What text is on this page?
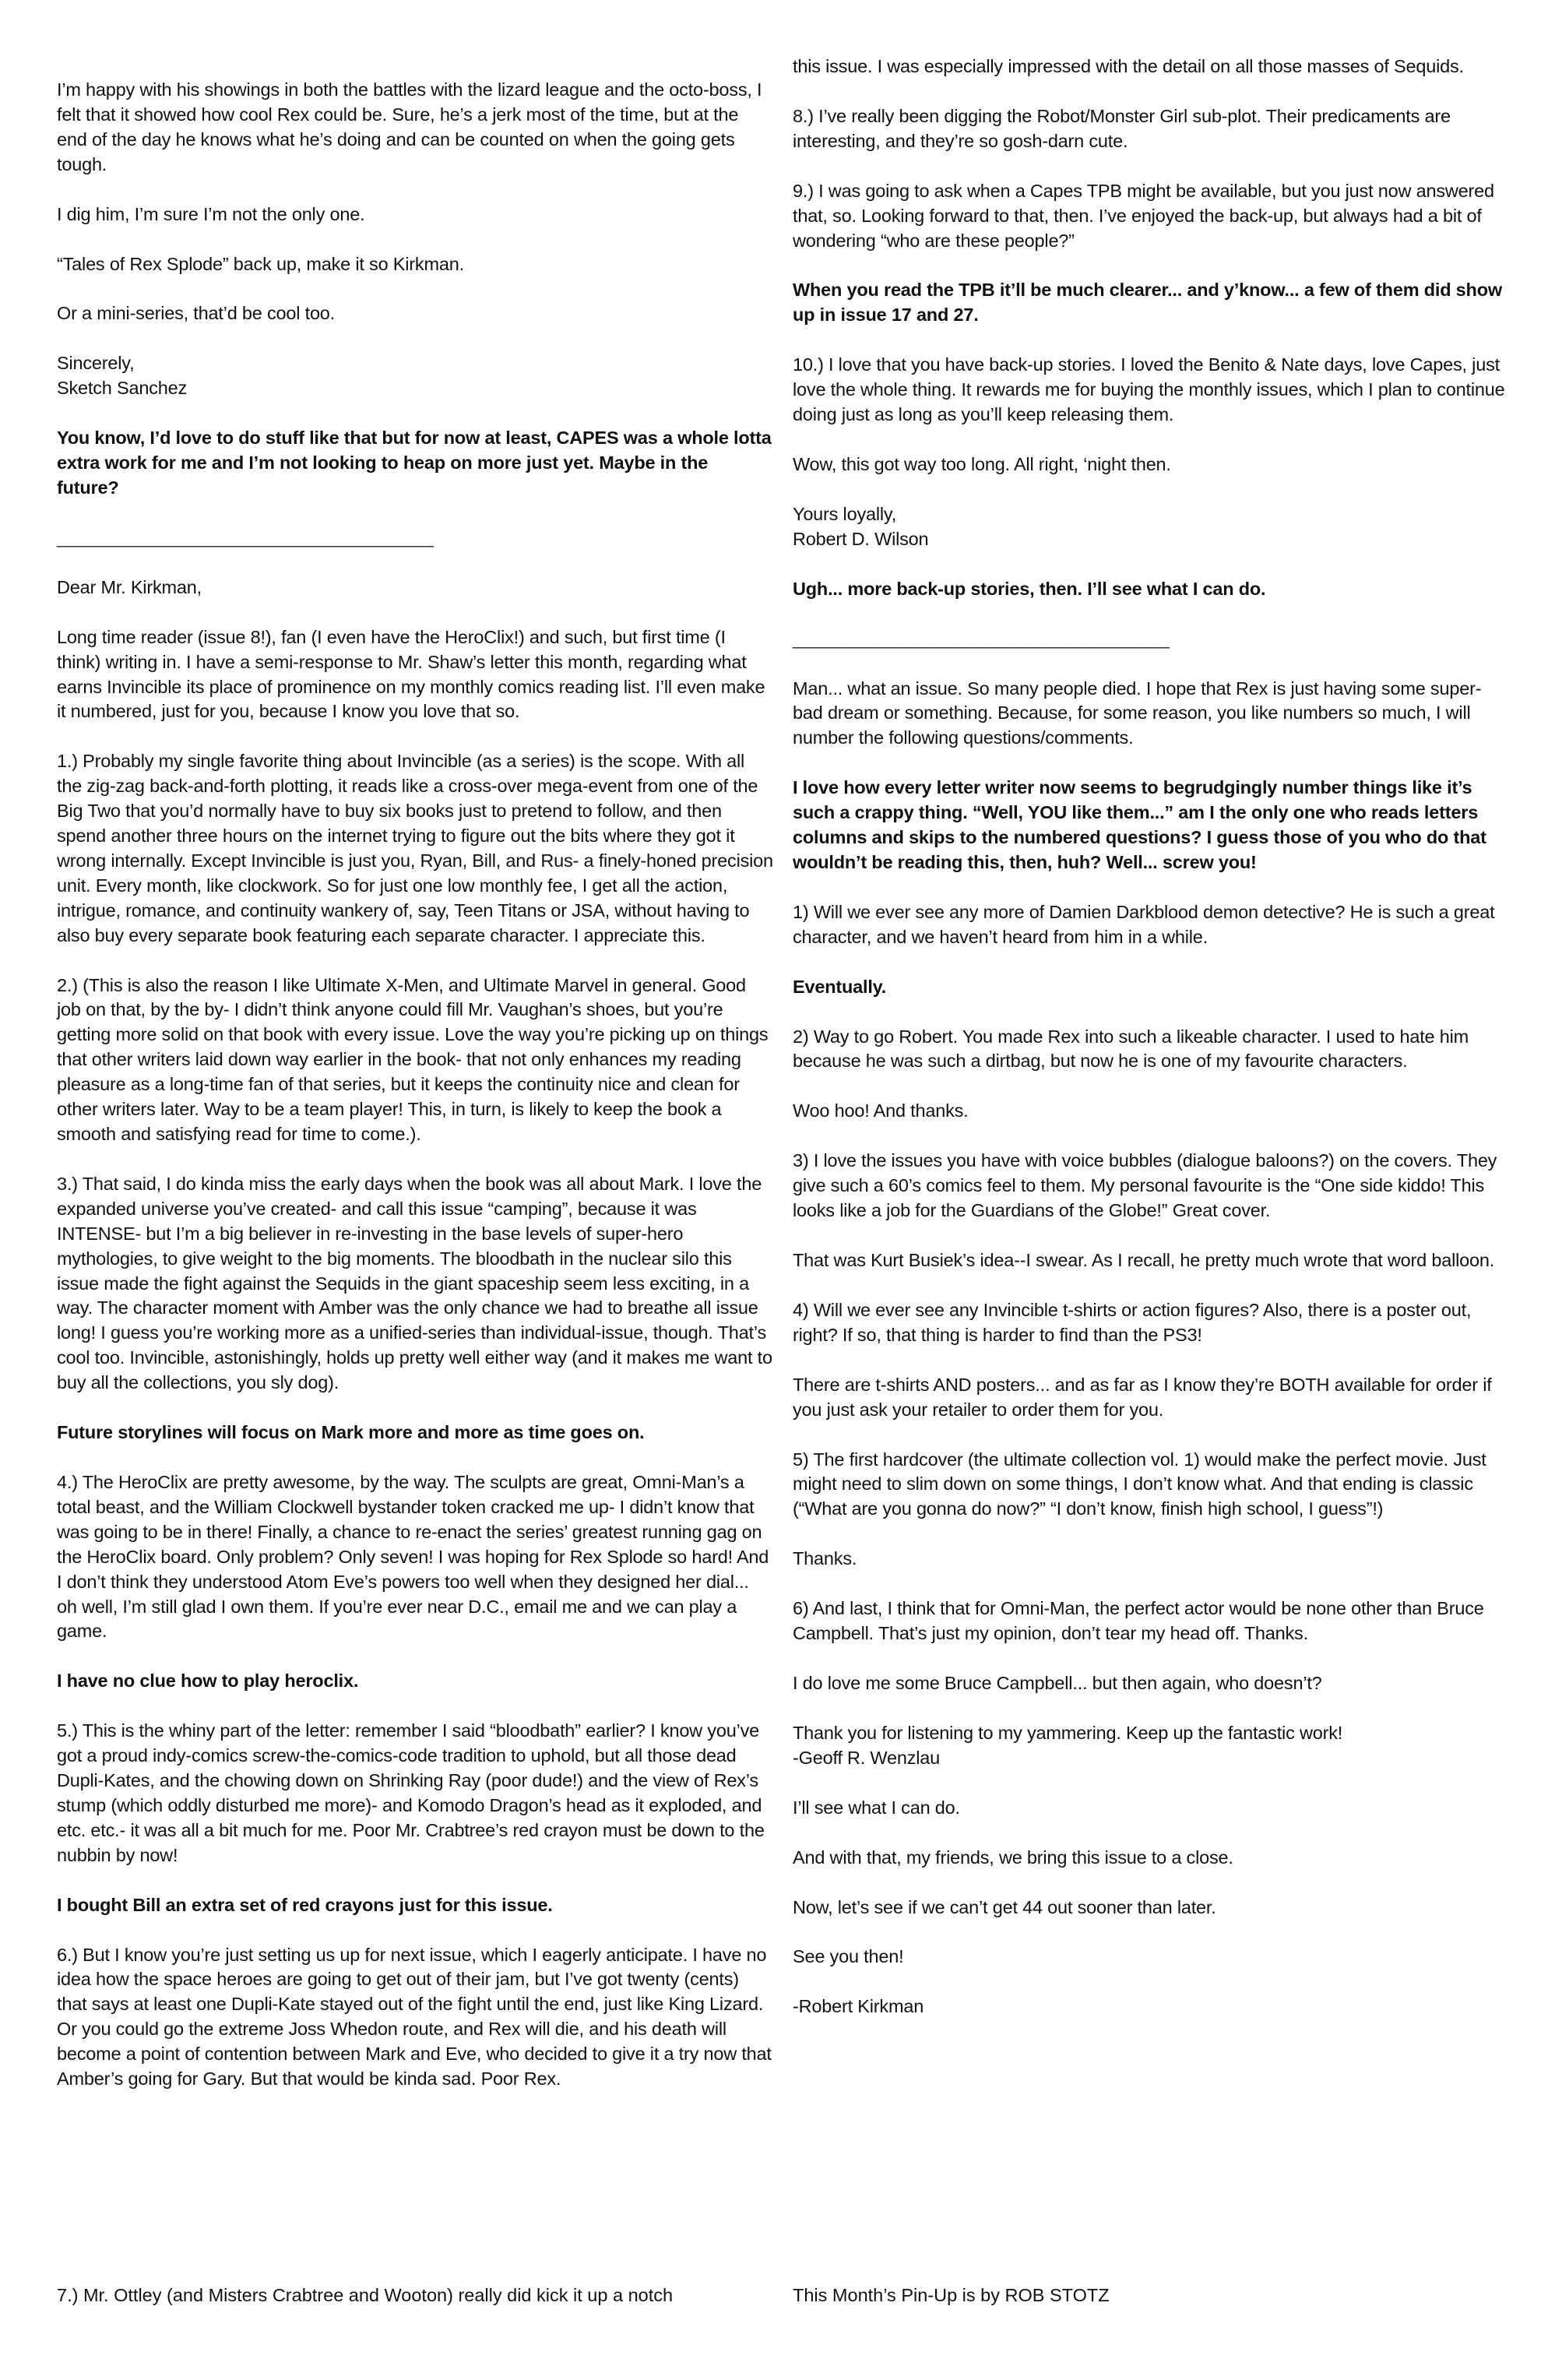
I’m happy with his showings in both the battles with the lizard league and the octo-boss, I felt that it showed how cool Rex could be. Sure, he’s a jerk most of the time, but at the end of the day he knows what he’s doing and can be counted on when the going gets tough.

I dig him, I’m sure I’m not the only one.

“Tales of Rex Splode” back up, make it so Kirkman.

Or a mini-series, that’d be cool too.

Sincerely,
Sketch Sanchez

You know, I’d love to do stuff like that but for now at least, CAPES was a whole lotta extra work for me and I’m not looking to heap on more just yet. Maybe in the future?

________________________________________

Dear Mr. Kirkman,

Long time reader (issue 8!), fan (I even have the HeroClix!) and such, but first time (I think) writing in. I have a semi-response to Mr. Shaw’s letter this month, regarding what earns Invincible its place of prominence on my monthly comics reading list. I’ll even make it numbered, just for you, because I know you love that so.

1.) Probably my single favorite thing about Invincible (as a series) is the scope. With all the zig-zag back-and-forth plotting, it reads like a cross-over mega-event from one of the Big Two that you’d normally have to buy six books just to pretend to follow, and then spend another three hours on the internet trying to figure out the bits where they got it wrong internally. Except Invincible is just you, Ryan, Bill, and Rus- a finely-honed precision unit. Every month, like clockwork. So for just one low monthly fee, I get all the action, intrigue, romance, and continuity wankery of, say, Teen Titans or JSA, without having to also buy every separate book featuring each separate character. I appreciate this.

2.) (This is also the reason I like Ultimate X-Men, and Ultimate Marvel in general. Good job on that, by the by- I didn’t think anyone could fill Mr. Vaughan’s shoes, but you’re getting more solid on that book with every issue. Love the way you’re picking up on things that other writers laid down way earlier in the book- that not only enhances my reading pleasure as a long-time fan of that series, but it keeps the continuity nice and clean for other writers later. Way to be a team player! This, in turn, is likely to keep the book a smooth and satisfying read for time to come.).

3.) That said, I do kinda miss the early days when the book was all about Mark. I love the expanded universe you’ve created- and call this issue “camping”, because it was INTENSE- but I’m a big believer in re-investing in the base levels of super-hero mythologies, to give weight to the big moments. The bloodbath in the nuclear silo this issue made the fight against the Sequids in the giant spaceship seem less exciting, in a way. The character moment with Amber was the only chance we had to breathe all issue long! I guess you’re working more as a unified-series than individual-issue, though. That’s cool too. Invincible, astonishingly, holds up pretty well either way (and it makes me want to buy all the collections, you sly dog).

Future storylines will focus on Mark more and more as time goes on.

4.) The HeroClix are pretty awesome, by the way. The sculpts are great, Omni-Man’s a total beast, and the William Clockwell bystander token cracked me up- I didn’t know that was going to be in there! Finally, a chance to re-enact the series’ greatest running gag on the HeroClix board. Only problem? Only seven! I was hoping for Rex Splode so hard! And I don’t think they understood Atom Eve’s powers too well when they designed her dial... oh well, I’m still glad I own them. If you’re ever near D.C., email me and we can play a game.

I have no clue how to play heroclix.

5.) This is the whiny part of the letter: remember I said “bloodbath” earlier? I know you’ve got a proud indy-comics screw-the-comics-code tradition to uphold, but all those dead Dupli-Kates, and the chowing down on Shrinking Ray (poor dude!) and the view of Rex’s stump (which oddly disturbed me more)- and Komodo Dragon’s head as it exploded, and etc. etc.- it was all a bit much for me. Poor Mr. Crabtree’s red crayon must be down to the nubbin by now!

I bought Bill an extra set of red crayons just for this issue.

6.) But I know you’re just setting us up for next issue, which I eagerly anticipate. I have no idea how the space heroes are going to get out of their jam, but I’ve got twenty (cents) that says at least one Dupli-Kate stayed out of the fight until the end, just like King Lizard. Or you could go the extreme Joss Whedon route, and Rex will die, and his death will become a point of contention between Mark and Eve, who decided to give it a try now that Amber’s going for Gary. But that would be kinda sad. Poor Rex.

7.) Mr. Ottley (and Misters Crabtree and Wooton) really did kick it up a notch

this issue. I was especially impressed with the detail on all those masses of Sequids.

8.) I’ve really been digging the Robot/Monster Girl sub-plot. Their predicaments are interesting, and they’re so gosh-darn cute.

9.) I was going to ask when a Capes TPB might be available, but you just now answered that, so. Looking forward to that, then. I’ve enjoyed the back-up, but always had a bit of wondering “who are these people?”

When you read the TPB it’ll be much clearer... and y’know... a few of them did show up in issue 17 and 27.

10.) I love that you have back-up stories. I loved the Benito & Nate days, love Capes, just love the whole thing. It rewards me for buying the monthly issues, which I plan to continue doing just as long as you’ll keep releasing them.

Wow, this got way too long. All right, ‘night then.

Yours loyally,
Robert D. Wilson

Ugh... more back-up stories, then. I’ll see what I can do.

________________________________________

Man... what an issue. So many people died. I hope that Rex is just having some super-bad dream or something. Because, for some reason, you like numbers so much, I will number the following questions/comments.

I love how every letter writer now seems to begrudgingly number things like it’s such a crappy thing. “Well, YOU like them...” am I the only one who reads letters columns and skips to the numbered questions? I guess those of you who do that wouldn’t be reading this, then, huh? Well... screw you!

1) Will we ever see any more of Damien Darkblood demon detective? He is such a great character, and we haven’t heard from him in a while.

Eventually.

2) Way to go Robert. You made Rex into such a likeable character. I used to hate him because he was such a dirtbag, but now he is one of my favourite characters.

Woo hoo! And thanks.

3) I love the issues you have with voice bubbles (dialogue baloons?) on the covers. They give such a 60’s comics feel to them. My personal favourite is the “One side kiddo! This looks like a job for the Guardians of the Globe!” Great cover.

That was Kurt Busiek’s idea--I swear. As I recall, he pretty much wrote that word balloon.

4) Will we ever see any Invincible t-shirts or action figures? Also, there is a poster out, right? If so, that thing is harder to find than the PS3!

There are t-shirts AND posters... and as far as I know they’re BOTH available for order if you just ask your retailer to order them for you.

5) The first hardcover (the ultimate collection vol. 1) would make the perfect movie. Just might need to slim down on some things, I don’t know what. And that ending is classic (“What are you gonna do now?” “I don’t know, finish high school, I guess”!)

Thanks.

6) And last, I think that for Omni-Man, the perfect actor would be none other than Bruce Campbell. That’s just my opinion, don’t tear my head off. Thanks.

I do love me some Bruce Campbell... but then again, who doesn’t?

Thank you for listening to my yammering. Keep up the fantastic work!
-Geoff R. Wenzlau

I’ll see what I can do.

And with that, my friends, we bring this issue to a close.

Now, let’s see if we can’t get 44 out sooner than later.

See you then!

-Robert Kirkman

This Month’s Pin-Up is by ROB STOTZ
